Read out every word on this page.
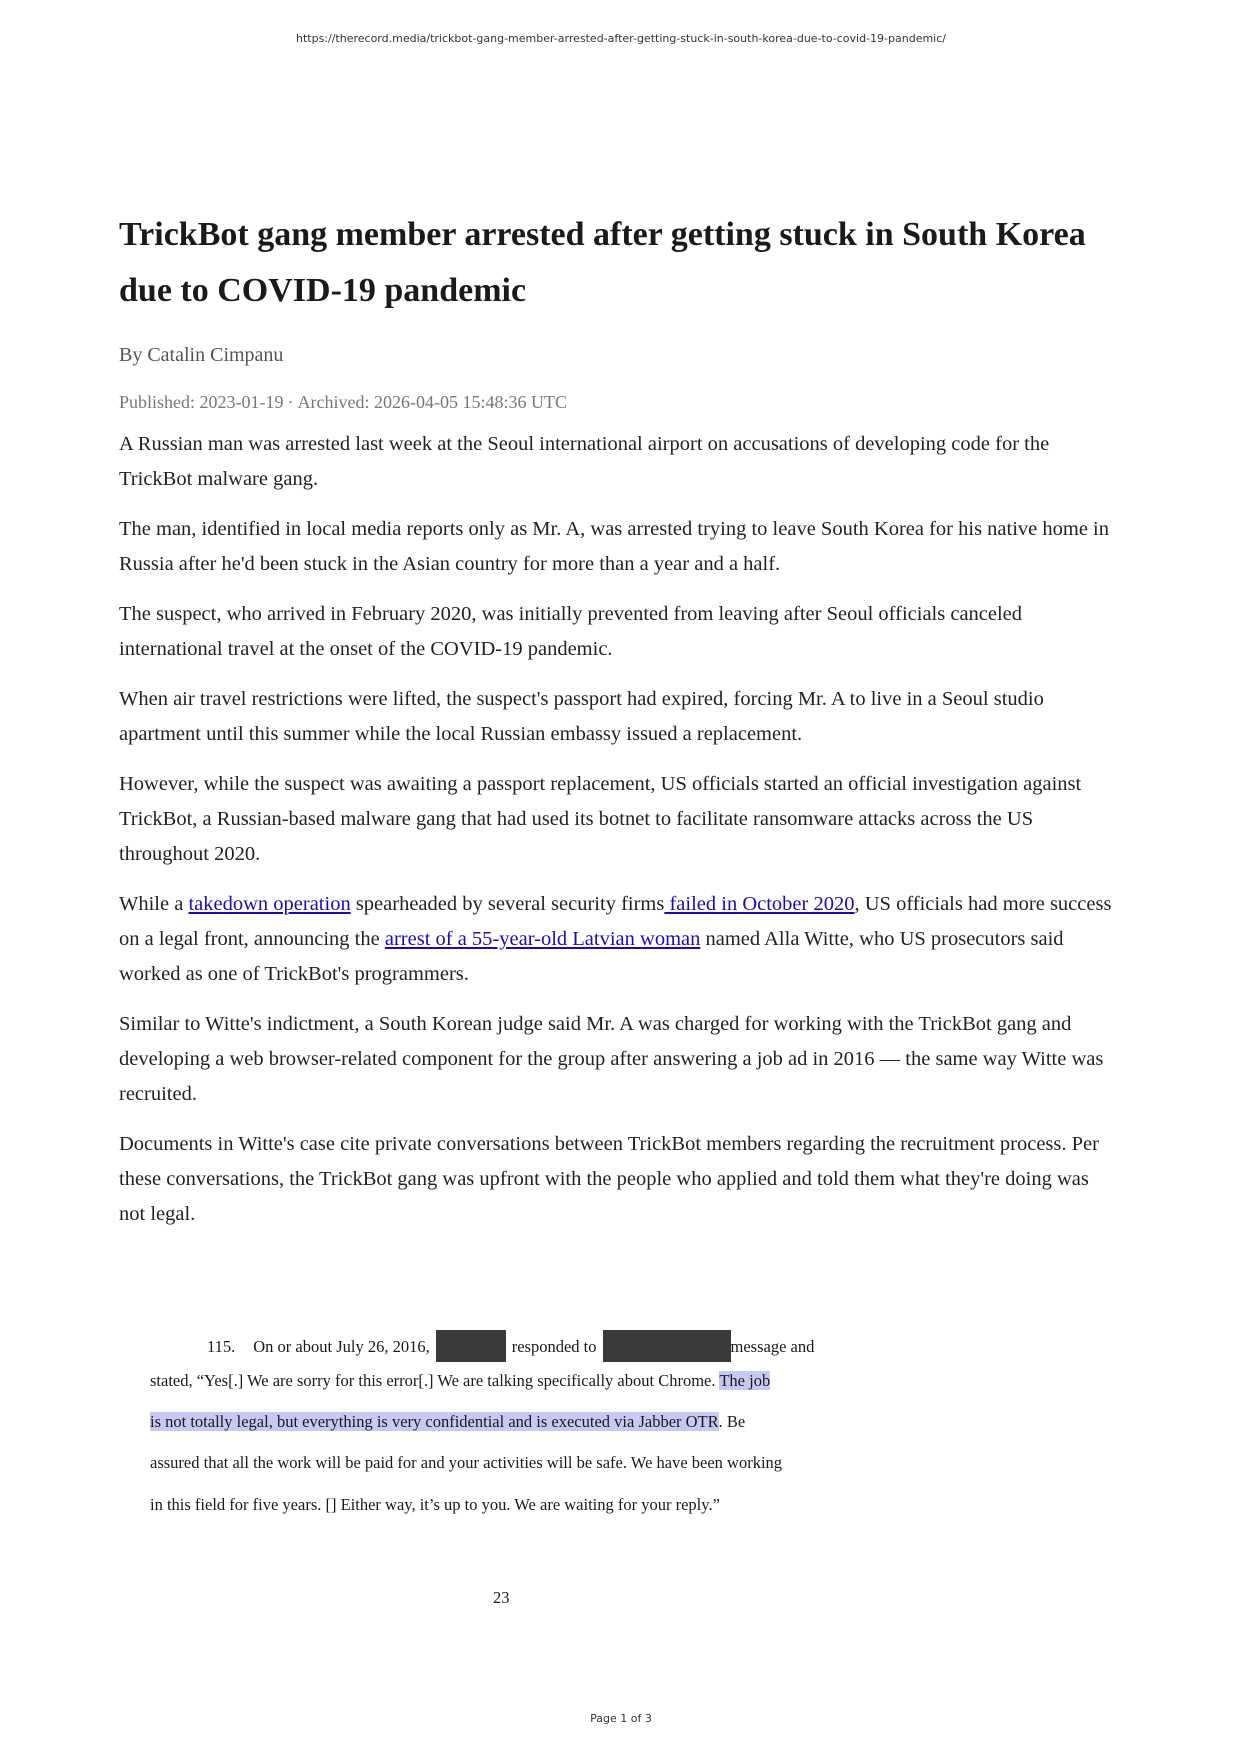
https://therecord.media/trickbot-gang-member-arrested-after-getting-stuck-in-south-korea-due-to-covid-19-pandemic/
TrickBot gang member arrested after getting stuck in South Korea due to COVID-19 pandemic

By Catalin Cimpanu

Published: 2023-01-19 · Archived: 2026-04-05 15:48:36 UTC

A Russian man was arrested last week at the Seoul international airport on accusations of developing code for the TrickBot malware gang.

The man, identified in local media reports only as Mr. A, was arrested trying to leave South Korea for his native home in Russia after he'd been stuck in the Asian country for more than a year and a half.

The suspect, who arrived in February 2020, was initially prevented from leaving after Seoul officials canceled international travel at the onset of the COVID-19 pandemic.

When air travel restrictions were lifted, the suspect's passport had expired, forcing Mr. A to live in a Seoul studio apartment until this summer while the local Russian embassy issued a replacement.

However, while the suspect was awaiting a passport replacement, US officials started an official investigation against TrickBot, a Russian-based malware gang that had used its botnet to facilitate ransomware attacks across the US throughout 2020.

While a takedown operation spearheaded by several security firms failed in October 2020, US officials had more success on a legal front, announcing the arrest of a 55-year-old Latvian woman named Alla Witte, who US prosecutors said worked as one of TrickBot's programmers.

Similar to Witte's indictment, a South Korean judge said Mr. A was charged for working with the TrickBot gang and developing a web browser-related component for the group after answering a job ad in 2016 — the same way Witte was recruited.

Documents in Witte's case cite private conversations between TrickBot members regarding the recruitment process. Per these conversations, the TrickBot gang was upfront with the people who applied and told them what they're doing was not legal.

115. On or about July 26, 2016,	responded to	message and
stated, “Yes[.] We are sorry for this error[.] We are talking specifically about Chrome. The job
is not totally legal, but everything is very confidential and is executed via Jabber OTR. Be
assured that all the work will be paid for and your activities will be safe. We have been working
in this field for five years. [] Either way, it’s up to you. We are waiting for your reply.”
23
Page 1 of 3
